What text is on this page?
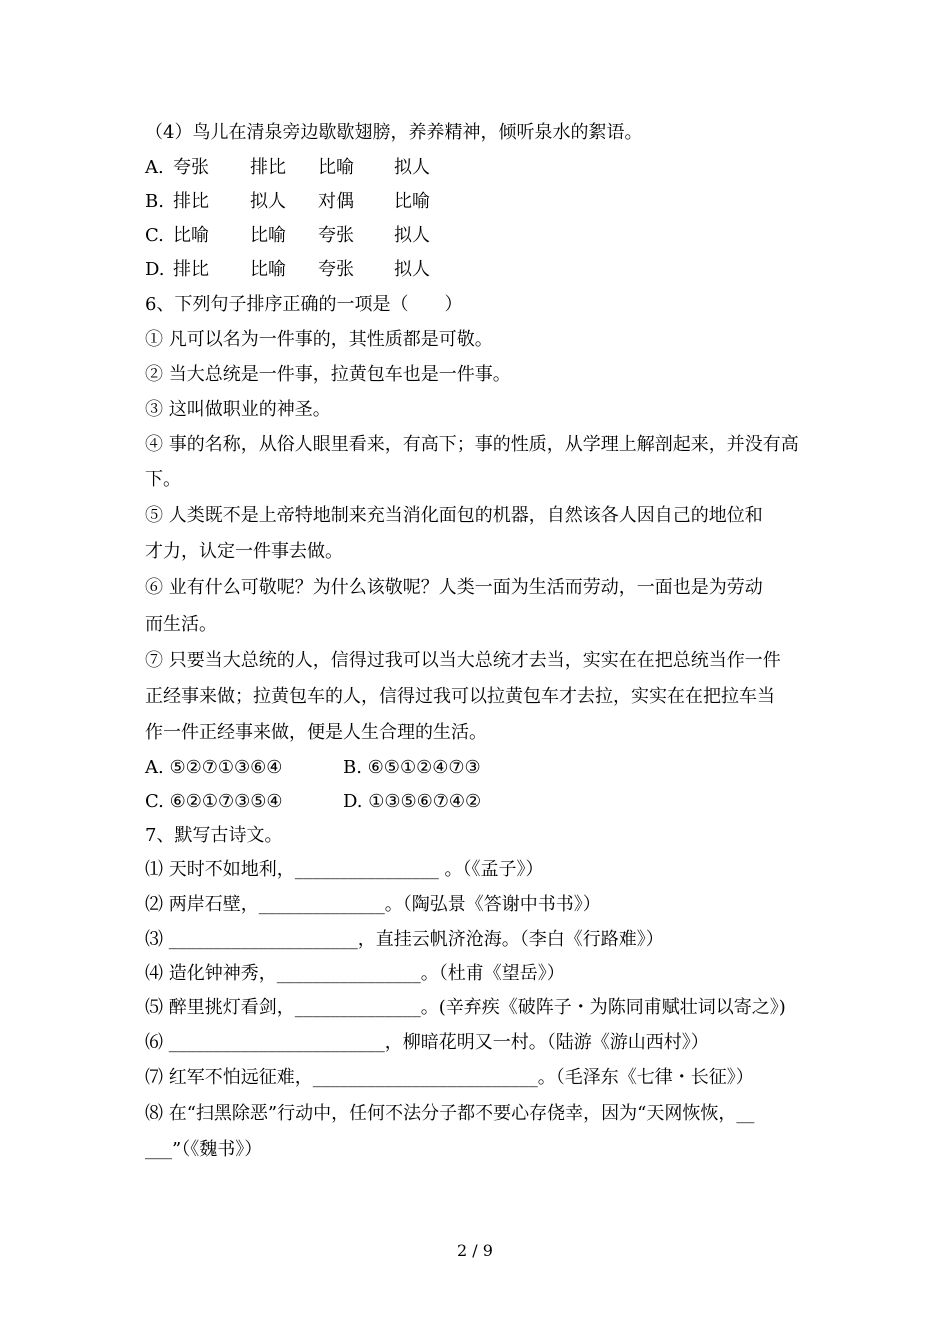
（4）鸟儿在清泉旁边歇歇翅膀，养养精神，倾听泉水的絮语。
A. 夸张 排比 比喻 拟人
B. 排比 拟人 对偶 比喻
C. 比喻 比喻 夸张 拟人
D. 排比 比喻 夸张 拟人
6、下列句子排序正确的一项是（　　）
① 凡可以名为一件事的，其性质都是可敬。
② 当大总统是一件事，拉黄包车也是一件事。
③ 这叫做职业的神圣。
④ 事的名称，从俗人眼里看来，有高下；事的性质，从学理上解剖起来，并没有高
下。
⑤ 人类既不是上帝特地制来充当消化面包的机器，自然该各人因自己的地位和
才力，认定一件事去做。
⑥ 业有什么可敬呢？为什么该敬呢？人类一面为生活而劳动，一面也是为劳动
而生活。
⑦ 只要当大总统的人，信得过我可以当大总统才去当，实实在在把总统当作一件
正经事来做；拉黄包车的人，信得过我可以拉黄包车才去拉，实实在在把拉车当
作一件正经事来做，便是人生合理的生活。
A. ⑤②⑦①③⑥④	B. ⑥⑤①②④⑦③
C. ⑥②①⑦③⑤④	D. ①③⑤⑥⑦④②
7、默写古诗文。
⑴ 天时不如地利，________________ 。（《孟子》）
⑵ 两岸石壁，______________。（陶弘景《答谢中书书》）
⑶ _____________________，直挂云帆济沧海。（李白《行路难》）
⑷ 造化钟神秀，________________。（杜甫《望岳》）
⑸ 醉里挑灯看剑，______________。(辛弃疾《破阵子・为陈同甫赋壮词以寄之》)
⑹ ________________________，柳暗花明又一村。（陆游《游山西村》）
⑺ 红军不怕远征难，_________________________。（毛泽东《七律・长征》）
⑻ 在“扫黑除恶”行动中，任何不法分子都不要心存侥幸，因为“天网恢恢，__
___”（《魏书》）
2 / 9
